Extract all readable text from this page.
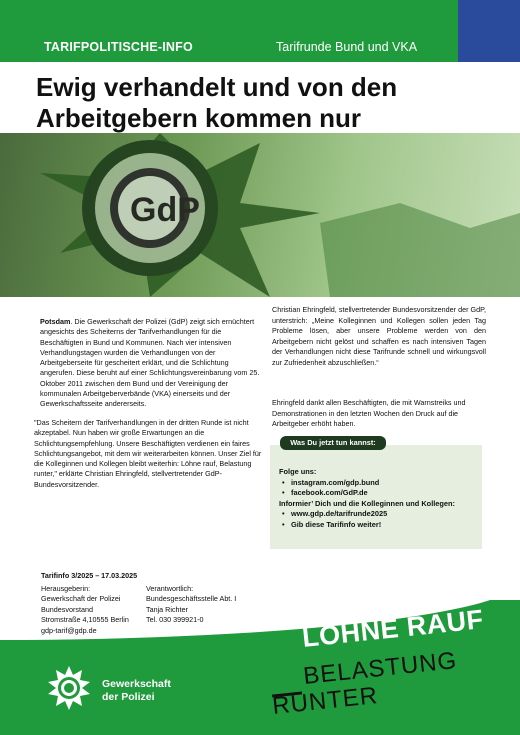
TARIFPOLITISCHE-INFO	Tarifrunde Bund und VKA
Ewig verhandelt und von den
Arbeitgebern kommen nur
GdP
Potsdam. Die Gewerkschaft der Polizei (GdP) zeigt sich ernüchtert angesichts des Scheiterns der Tarifverhandlungen für die Beschäftigten in Bund und Kommunen. Nach vier intensiven Verhandlungstagen wurden die Verhandlungen von der Arbeitgeberseite für gescheitert erklärt, und die Schlichtung angerufen. Diese beruht auf einer Schlichtungsvereinbarung vom 25. Oktober 2011 zwischen dem Bund und der Vereinigung der kommunalen Arbeitgeberverbände (VKA) einerseits und der Gewerkschaftsseite andererseits.
Christian Ehringfeld, stellvertretender Bundesvorsitzender der GdP, unterstrich: „Meine Kolleginnen und Kollegen sollen jeden Tag Probleme lösen, aber unsere Probleme werden von den Arbeitgebern nicht gelöst und schaffen es nach intensiven Tagen der Verhandlungen nicht diese Tarifrunde schnell und wirkungsvoll zur Zufriedenheit abzuschließen.“
Ehringfeld dankt allen Beschäftigten, die mit Warnstreiks und Demonstrationen in den letzten Wochen den Druck auf die Arbeitgeber erhöht haben.
"Das Scheitern der Tarifverhandlungen in der dritten Runde ist nicht akzeptabel. Nun haben wir große Erwartungen an die Schlichtungsempfehlung. Unsere Beschäftigten verdienen ein faires Schlichtungsangebot, mit dem wir weiterarbeiten können. Unser Ziel für die Kolleginnen und Kollegen bleibt weiterhin: Löhne rauf, Belastung runter," erklärte Christian Ehringfeld, stellvertretender GdP-Bundesvorsitzender.
Was Du jetzt tun kannst:
Folge uns:
• instagram.com/gdp.bund
• facebook.com/GdP.de
Informier’ Dich und die Kolleginnen und Kollegen:
• www.gdp.de/tarifrunde2025
• Gib diese Tarifinfo weiter!
Tarifinfo 3/2025 – 17.03.2025
Herausgeberin:
Gewerkschaft der Polizei
Bundesvorstand
Stromstraße 4,10555 Berlin
gdp-tarif@gdp.de
Verantwortlich:
Bundesgeschäftsstelle Abt. I
Tanja Richter
Tel. 030 399921-0
Gewerkschaft
der Polizei
LÖHNE RAUF
BELASTUNG
RUNTER
